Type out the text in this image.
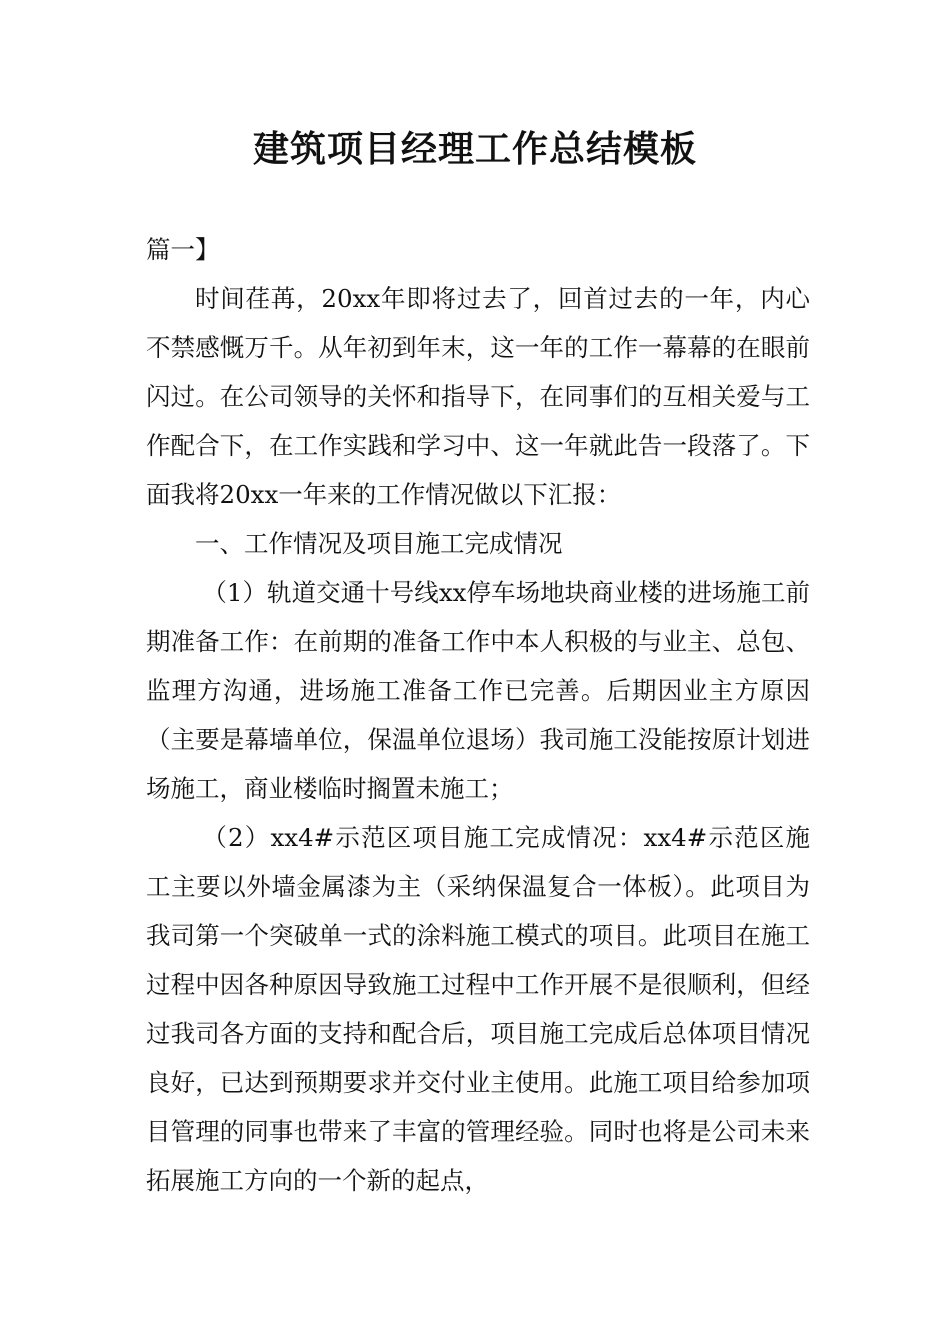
建筑项目经理工作总结模板

篇一】

时间荏苒，20xx年即将过去了，回首过去的一年，内心不禁感慨万千。从年初到年末，这一年的工作一幕幕的在眼前闪过。在公司领导的关怀和指导下，在同事们的互相关爱与工作配合下，在工作实践和学习中、这一年就此告一段落了。下面我将20xx一年来的工作情况做以下汇报：

一、工作情况及项目施工完成情况

（1）轨道交通十号线xx停车场地块商业楼的进场施工前期准备工作：在前期的准备工作中本人积极的与业主、总包、监理方沟通，进场施工准备工作已完善。后期因业主方原因（主要是幕墙单位，保温单位退场）我司施工没能按原计划进场施工，商业楼临时搁置未施工；

（2）xx4#示范区项目施工完成情况：xx4#示范区施工主要以外墙金属漆为主（采纳保温复合一体板）。此项目为我司第一个突破单一式的涂料施工模式的项目。此项目在施工过程中因各种原因导致施工过程中工作开展不是很顺利，但经过我司各方面的支持和配合后，项目施工完成后总体项目情况良好，已达到预期要求并交付业主使用。此施工项目给参加项目管理的同事也带来了丰富的管理经验。同时也将是公司未来拓展施工方向的一个新的起点，
